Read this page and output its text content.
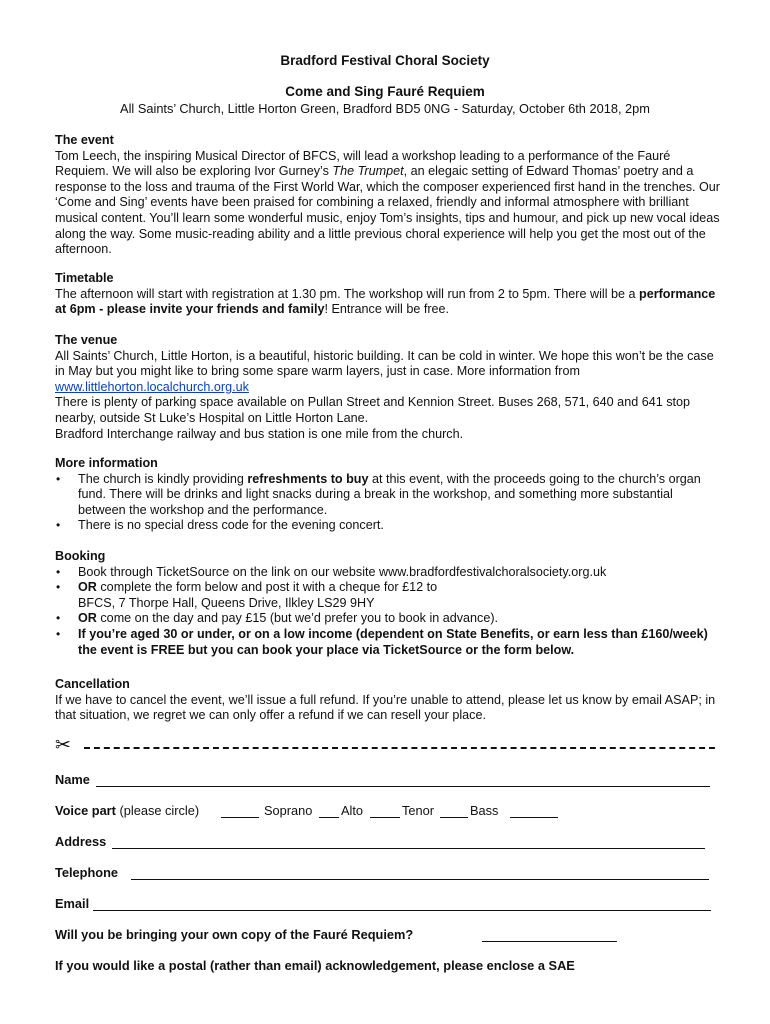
Bradford Festival Choral Society
Come and Sing Fauré Requiem
All Saints’ Church, Little Horton Green, Bradford BD5 0NG - Saturday, October 6th 2018, 2pm
The event

Tom Leech, the inspiring Musical Director of BFCS, will lead a workshop leading to a performance of the Fauré Requiem. We will also be exploring Ivor Gurney’s The Trumpet, an elegaic setting of Edward Thomas’ poetry and a response to the loss and trauma of the First World War, which the composer experienced first hand in the trenches. Our ‘Come and Sing’ events have been praised for combining a relaxed, friendly and informal atmosphere with brilliant musical content. You’ll learn some wonderful music, enjoy Tom’s insights, tips and humour, and pick up new vocal ideas along the way. Some music-reading ability and a little previous choral experience will help you get the most out of the afternoon.

Timetable

The afternoon will start with registration at 1.30 pm. The workshop will run from 2 to 5pm. There will be a performance at 6pm - please invite your friends and family! Entrance will be free.

The venue

All Saints’ Church, Little Horton, is a beautiful, historic building. It can be cold in winter. We hope this won’t be the case in May but you might like to bring some spare warm layers, just in case. More information from www.littlehorton.localchurch.org.uk

There is plenty of parking space available on Pullan Street and Kennion Street. Buses 268, 571, 640 and 641 stop nearby, outside St Luke’s Hospital on Little Horton Lane.

Bradford Interchange railway and bus station is one mile from the church.

More information
• The church is kindly providing refreshments to buy at this event, with the proceeds going to the church’s organ fund. There will be drinks and light snacks during a break in the workshop, and something more substantial between the workshop and the performance.
• There is no special dress code for the evening concert.
Booking
• Book through TicketSource on the link on our website www.bradfordfestivalchoralsociety.org.uk
• OR complete the form below and post it with a cheque for £12 to
BFCS, 7 Thorpe Hall, Queens Drive, Ilkley LS29 9HY
• OR come on the day and pay £15 (but we’d prefer you to book in advance).
• If you’re aged 30 or under, or on a low income (dependent on State Benefits, or earn less than £160/week) the event is FREE but you can book your place via TicketSource or the form below.
Cancellation

If we have to cancel the event, we’ll issue a full refund. If you’re unable to attend, please let us know by email ASAP; in that situation, we regret we can only offer a refund if we can resell your place.

✂
Name
Voice part (please circle)	Soprano Alto	Tenor	Bass
Address
Telephone
Email
Will you be bringing your own copy of the Fauré Requiem?
If you would like a postal (rather than email) acknowledgement, please enclose a SAE
